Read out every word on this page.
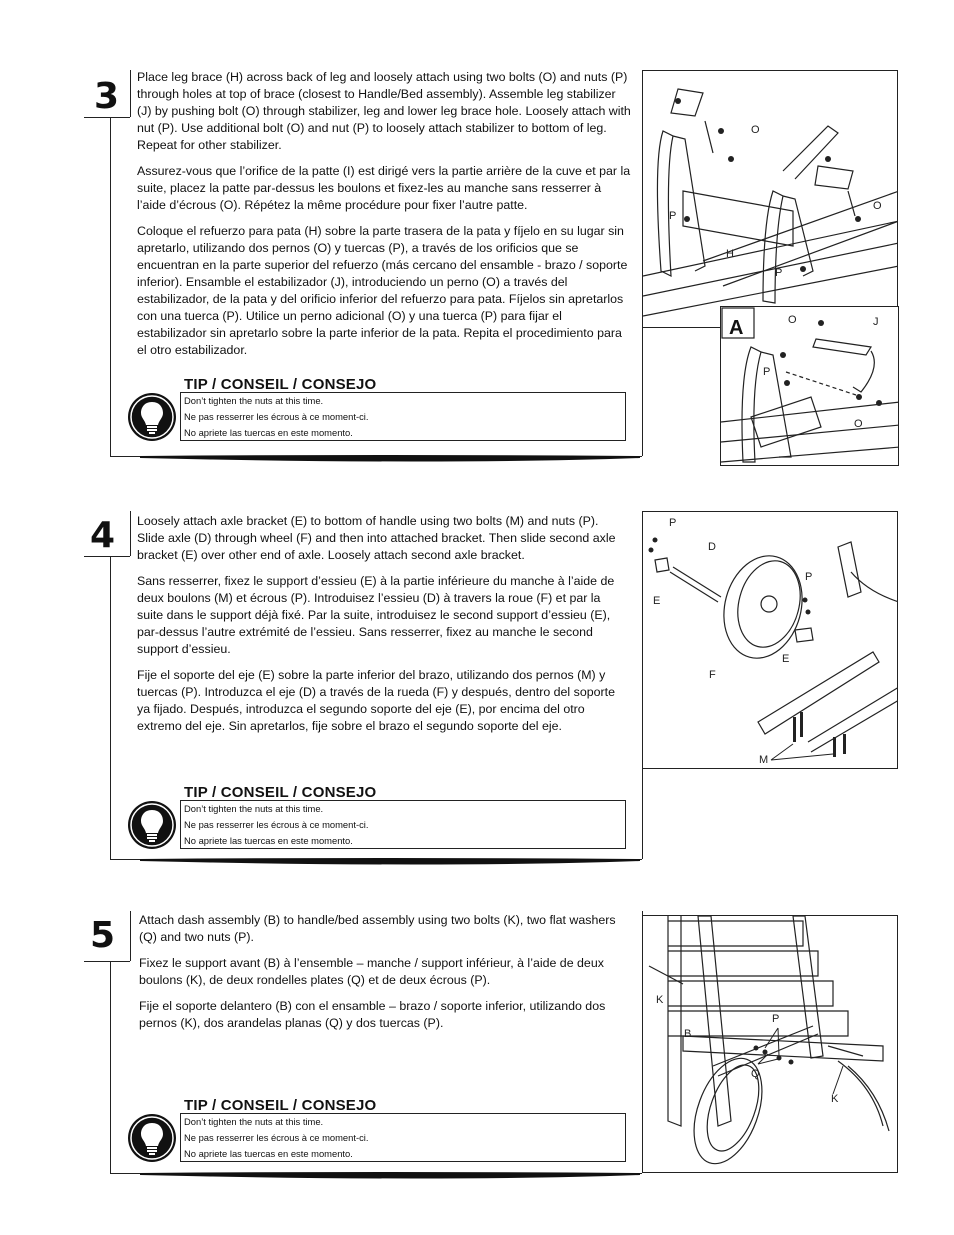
3 Place leg brace (H) across back of leg and loosely attach using two bolts (O) and nuts (P) through holes at top of brace (closest to Handle/Bed assembly). Assemble leg stabilizer (J) by pushing bolt (O) through stabilizer, leg and lower leg brace hole. Loosely attach with nut (P). Use additional bolt (O) and nut (P) to loosely attach stabilizer to bottom of leg. Repeat for other stabilizer.

Assurez-vous que l’orifice de la patte (I) est dirigé vers la partie arrière de la cuve et par la suite, placez la patte par-dessus les boulons et fixez-les au manche sans resserrer à l’aide d’écrous (O). Répétez la même procédure pour fixer l’autre patte.

Coloque el refuerzo para pata (H) sobre la parte trasera de la pata y fíjelo en su lugar sin apretarlo, utilizando dos pernos (O) y tuercas (P), a través de los orificios que se encuentran en la parte superior del refuerzo (más cercano del ensamble - brazo / soporte inferior). Ensamble el estabilizador (J), introduciendo un perno (O) a través del estabilizador, de la pata y del orificio inferior del refuerzo para pata. Fíjelos sin apretarlos con una tuerca (P). Utilice un perno adicional (O) y una tuerca (P) para fijar el estabilizador sin apretarlo sobre la parte inferior de la pata. Repita el procedimiento para el otro estabilizador.

TIP / CONSEIL / CONSEJO
Don’t tighten the nuts at this time.
Ne pas resserrer les écrous à ce moment-ci.
No apriete las tuercas en este momento.
O
O
P
P
H
A	O	J
P
O
4 Loosely attach axle bracket (E) to bottom of handle using two bolts (M) and nuts (P). Slide axle (D) through wheel (F) and then into attached bracket. Then slide second axle bracket (E) over other end of axle. Loosely attach second axle bracket.

Sans resserrer, fixez le support d’essieu (E) à la partie inférieure du manche à l’aide de deux boulons (M) et écrous (P). Introduisez l’essieu (D) à travers la roue (F) et par la suite dans le support déjà fixé. Par la suite, introduisez le second support d’essieu (E), par-dessus l’autre extrémité de l’essieu. Sans resserrer, fixez au manche le second support d’essieu.

Fije el soporte del eje (E) sobre la parte inferior del brazo, utilizando dos pernos (M) y tuercas (P). Introduzca el eje (D) a través de la rueda (F) y después, dentro del soporte ya fijado. Después, introduzca el segundo soporte del eje (E), por encima del otro extremo del eje. Sin apretarlos, fije sobre el brazo el segundo soporte del eje.

TIP / CONSEIL / CONSEJO
Don’t tighten the nuts at this time.
Ne pas resserrer les écrous à ce moment-ci.
No apriete las tuercas en este momento.
P
D
E
P
E
F
M
5 Attach dash assembly (B) to handle/bed assembly using two bolts (K), two flat washers (Q) and two nuts (P).

Fixez le support avant (B) à l’ensemble – manche / support inférieur, à l’aide de deux boulons (K), de deux rondelles plates (Q) et de deux écrous (P).

Fije el soporte delantero (B) con el ensamble – brazo / soporte inferior, utilizando dos pernos (K), dos arandelas planas (Q) y dos tuercas (P).

TIP / CONSEIL / CONSEJO
Don’t tighten the nuts at this time.
Ne pas resserrer les écrous à ce moment-ci.
No apriete las tuercas en este momento.
K
B
P
Q
K
